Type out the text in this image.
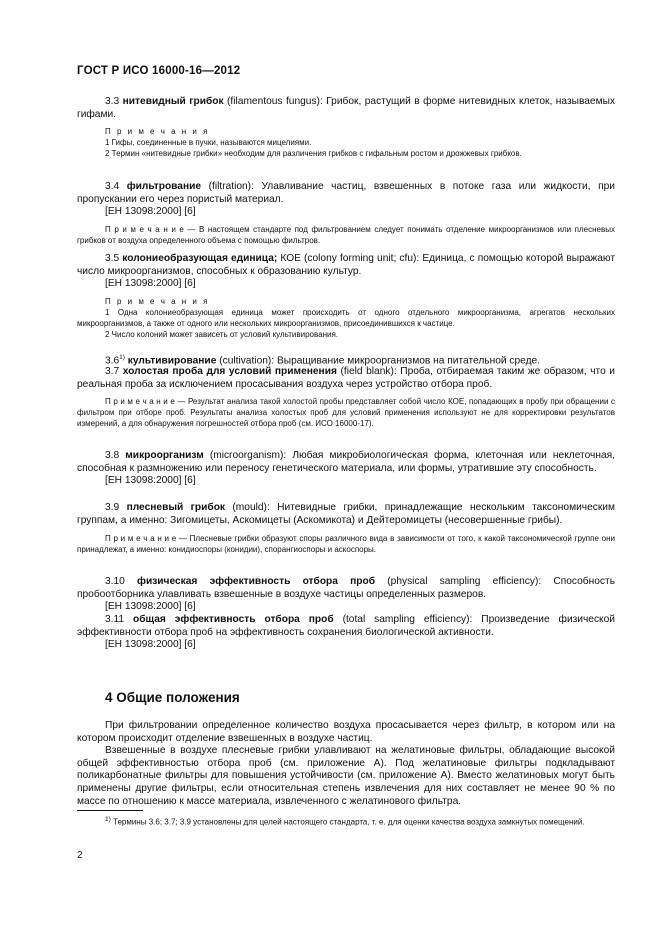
ГОСТ Р ИСО 16000-16—2012

3.3 нитевидный грибок (filamentous fungus): Грибок, растущий в форме нитевидных клеток, называемых гифами.

П р и м е ч а н и я

1 Гифы, соединенные в пучки, называются мицелиями.

2 Термин «нитевидные грибки» необходим для различения грибков с гифальным ростом и дрожжевых грибков.

3.4 фильтрование (filtration): Улавливание частиц, взвешенных в потоке газа или жидкости, при пропускании его через пористый материал.

[ЕН 13098:2000] [6]

П р и м е ч а н и е — В настоящем стандарте под фильтрованием следует понимать отделение микроорганизмов или плесневых грибков от воздуха определенного объема с помощью фильтров.

3.5 колониеобразующая единица; КОЕ (colony forming unit; cfu): Единица, с помощью которой выражают число микроорганизмов, способных к образованию культур.

[ЕН 13098:2000] [6]

П р и м е ч а н и я

1 Одна колониеобразующая единица может происходить от одного отдельного микроорганизма, агрегатов нескольких микроорганизмов, а также от одного или нескольких микроорганизмов, присоединившихся к частице.

2 Число колоний может зависеть от условий культивирования.

3.6$^{1)}$ культивирование (cultivation): Выращивание микроорганизмов на питательной среде.

3.7 холостая проба для условий применения (field blank): Проба, отбираемая таким же образом, что и реальная проба за исключением просасывания воздуха через устройство отбора проб.

П р и м е ч а н и е — Результат анализа такой холостой пробы представляет собой число КОЕ, попадающих в пробу при обращении с фильтром при отборе проб. Результаты анализа холостых проб для условий применения используют не для корректировки результатов измерений, а для обнаружения погрешностей отбора проб (см. ИСО 16000-17).

3.8 микроорганизм (microorganism): Любая микробиологическая форма, клеточная или неклеточная, способная к размножению или переносу генетического материала, или формы, утратившие эту способность.

[ЕН 13098:2000] [6]

3.9 плесневый грибок (mould): Нитевидные грибки, принадлежащие нескольким таксономическим группам, а именно: Зигомицеты, Аскомицеты (Аскомикота) и Дейтеромицеты (несовершенные грибы).

П р и м е ч а н и е — Плесневые грибки образуют споры различного вида в зависимости от того, к какой таксономической группе они принадлежат, а именно: конидиоспоры (конидии), спорангиоспоры и аскоспоры.

3.10 физическая эффективность отбора проб (physical sampling efficiency): Способность пробоотборника улавливать взвешенные в воздухе частицы определенных размеров.

[ЕН 13098:2000] [6]

3.11 общая эффективность отбора проб (total sampling efficiency): Произведение физической эффективности отбора проб на эффективность сохранения биологической активности.

[ЕН 13098:2000] [6]

4 Общие положения

При фильтровании определенное количество воздуха просасывается через фильтр, в котором или на котором происходит отделение взвешенных в воздухе частиц.

Взвешенные в воздухе плесневые грибки улавливают на желатиновые фильтры, обладающие высокой общей эффективностью отбора проб (см. приложение А). Под желатиновые фильтры подкладывают поликарбонатные фильтры для повышения устойчивости (см. приложение А). Вместо желатиновых могут быть применены другие фильтры, если относительная степень извлечения для них составляет не менее 90 % по массе по отношению к массе материала, извлеченного с желатинового фильтра.

$^{1)}$ Термины 3.6; 3.7; 3.9 установлены для целей настоящего стандарта, т. е. для оценки качества воздуха замкнутых помещений.
2
